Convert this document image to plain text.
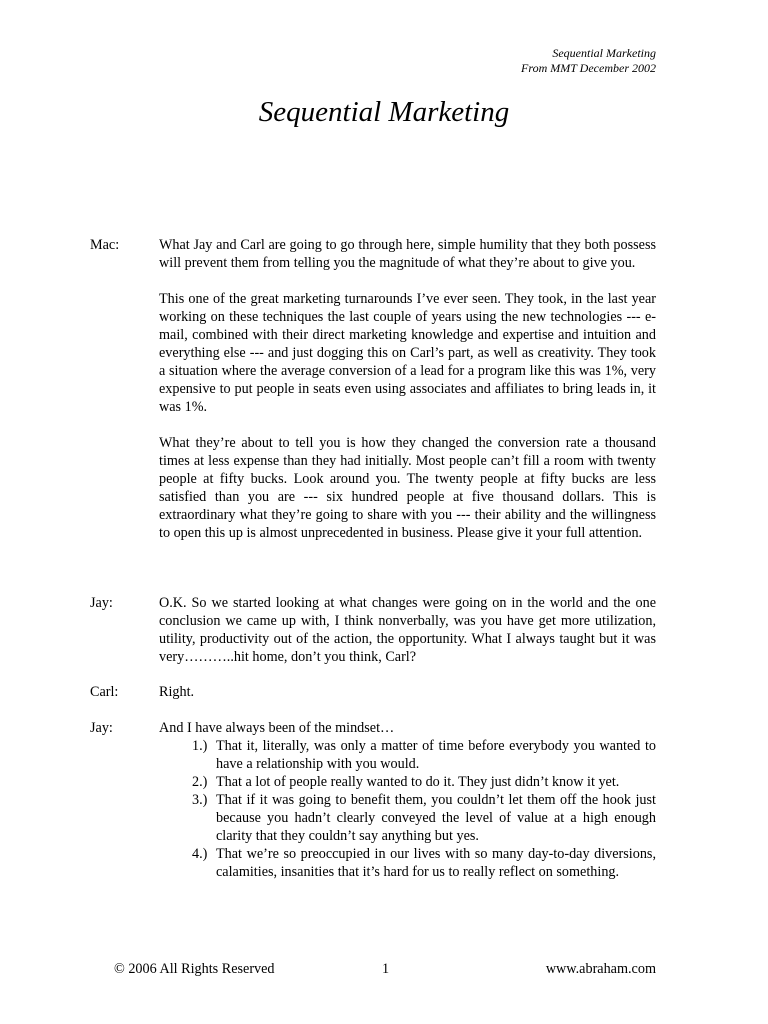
Sequential Marketing
From MMT December 2002
Sequential Marketing
Mac:	What Jay and Carl are going to go through here, simple humility that they both possess will prevent them from telling you the magnitude of what they’re about to give you.

This one of the great marketing turnarounds I’ve ever seen. They took, in the last year working on these techniques the last couple of years using the new technologies --- e-mail, combined with their direct marketing knowledge and expertise and intuition and everything else --- and just dogging this on Carl’s part, as well as creativity. They took a situation where the average conversion of a lead for a program like this was 1%, very expensive to put people in seats even using associates and affiliates to bring leads in, it was 1%.

What they’re about to tell you is how they changed the conversion rate a thousand times at less expense than they had initially. Most people can’t fill a room with twenty people at fifty bucks. Look around you. The twenty people at fifty bucks are less satisfied than you are --- six hundred people at five thousand dollars. This is extraordinary what they’re going to share with you --- their ability and the willingness to open this up is almost unprecedented in business. Please give it your full attention.

Jay:	O.K. So we started looking at what changes were going on in the world and the one conclusion we came up with, I think nonverbally, was you have get more utilization, utility, productivity out of the action, the opportunity. What I always taught but it was very………..hit home, don’t you think, Carl?

Carl:	Right.

Jay:	And I have always been of the mindset…

1.) That it, literally, was only a matter of time before everybody you wanted to have a relationship with you would.
2.) That a lot of people really wanted to do it. They just didn’t know it yet.
3.) That if it was going to benefit them, you couldn’t let them off the hook just because you hadn’t clearly conveyed the level of value at a high enough clarity that they couldn’t say anything but yes.
4.) That we’re so preoccupied in our lives with so many day-to-day diversions, calamities, insanities that it’s hard for us to really reflect on something.
© 2006 All Rights Reserved	1	www.abraham.com
